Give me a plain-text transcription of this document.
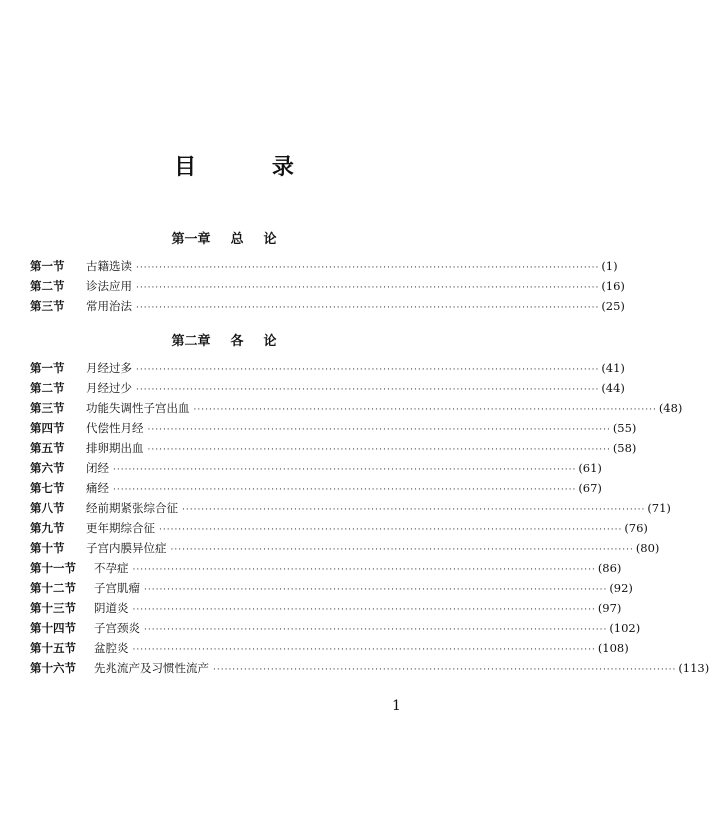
目 录
第一章 总论
第一节	古籍选读 ························································································································ (1)
第二节	诊法应用 ························································································································ (16)
第三节	常用治法 ························································································································ (25)
第二章 各论
第一节	月经过多 ························································································································ (41)
第二节	月经过少 ························································································································ (44)
第三节	功能失调性子宫出血 ························································································································ (48)
第四节	代偿性月经 ························································································································ (55)
第五节	排卵期出血 ························································································································ (58)
第六节	闭经 ························································································································ (61)
第七节	痛经 ························································································································ (67)
第八节	经前期紧张综合征 ························································································································ (71)
第九节	更年期综合征 ························································································································ (76)
第十节	子宫内膜异位症 ························································································································ (80)
第十一节	不孕症 ························································································································ (86)
第十二节	子宫肌瘤 ························································································································ (92)
第十三节	阴道炎 ························································································································ (97)
第十四节	子宫颈炎 ························································································································ (102)
第十五节	盆腔炎 ························································································································ (108)
第十六节	先兆流产及习惯性流产 ························································································································ (113)
1
